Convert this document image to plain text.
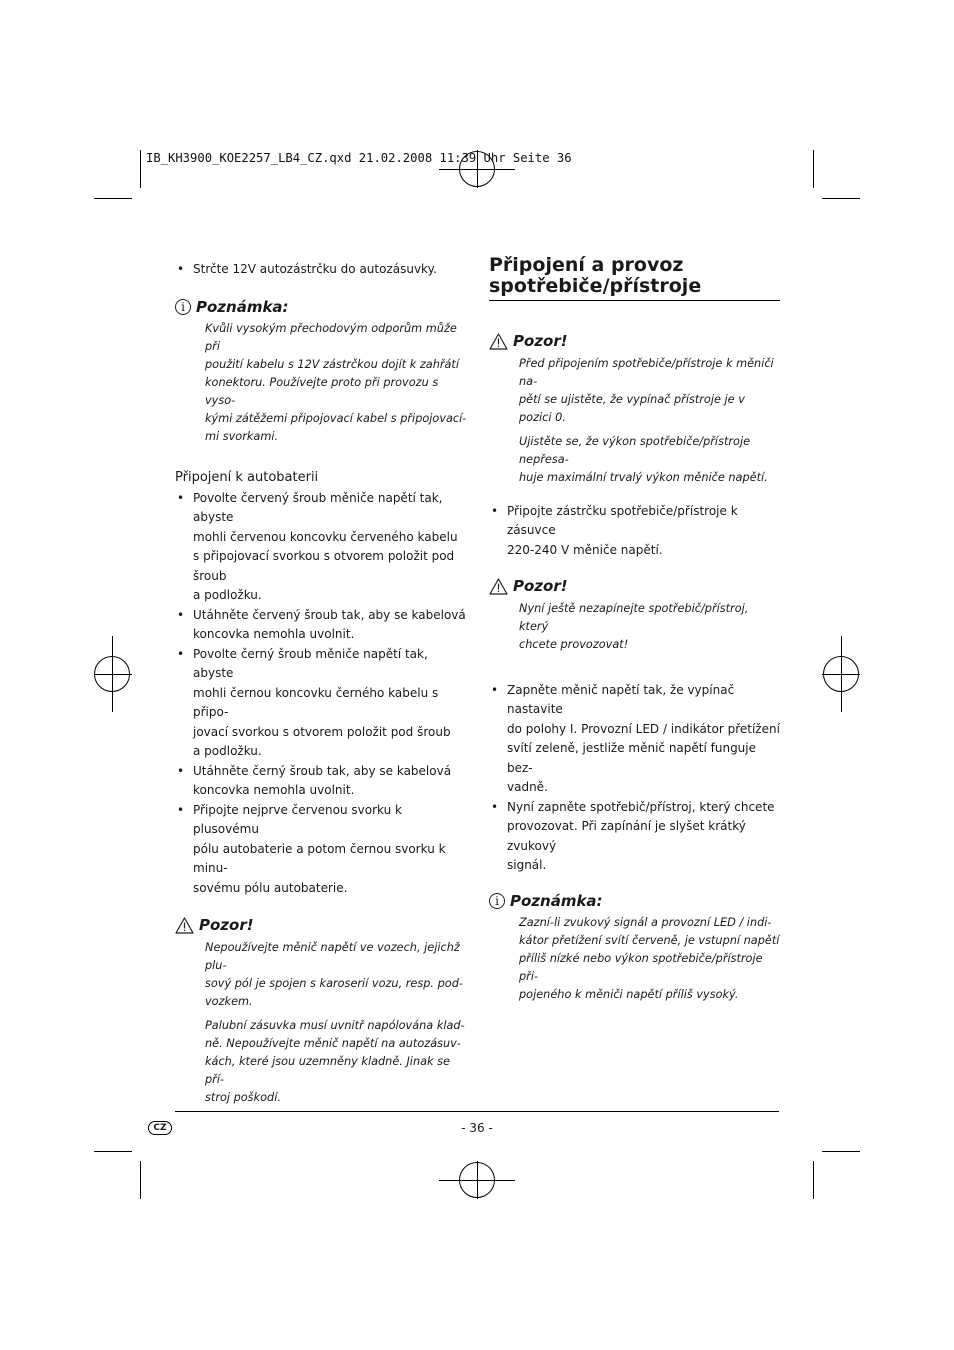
IB_KH3900_KOE2257_LB4_CZ.qxd 21.02.2008 11:39 Uhr Seite 36
• Strčte 12V autozástrčku do autozásuvky.
i Poznámka:
Kvůli vysokým přechodovým odporům může při
použití kabelu s 12V zástrčkou dojít k zahřátí
konektoru. Používejte proto při provozu s vyso-
kými zátěžemi připojovací kabel s připojovací-
mi svorkami.
Připojení k autobaterii
• Povolte červený šroub měniče napětí tak, abyste
mohli červenou koncovku červeného kabelu
s připojovací svorkou s otvorem položit pod šroub
a podložku.
• Utáhněte červený šroub tak, aby se kabelová
koncovka nemohla uvolnit.
• Povolte černý šroub měniče napětí tak, abyste
mohli černou koncovku černého kabelu s připo-
jovací svorkou s otvorem položit pod šroub
a podložku.
• Utáhněte černý šroub tak, aby se kabelová
koncovka nemohla uvolnit.
• Připojte nejprve červenou svorku k plusovému
pólu autobaterie a potom černou svorku k minu-
sovému pólu autobaterie.
Pozor!

Nepoužívejte měnič napětí ve vozech, jejichž plu-
sový pól je spojen s karoserií vozu, resp. pod-
vozkem.

Palubní zásuvka musí uvnitř napólována klad-
ně. Nepoužívejte měnič napětí na autozásuv-
kách, které jsou uzemněny kladně. Jinak se pří-
stroj poškodí.

Připojení a provoz
spotřebiče/přístroje
Pozor!

Před připojením spotřebiče/přístroje k měniči na-
pětí se ujistěte, že vypínač přístroje je v pozici 0.

Ujistěte se, že výkon spotřebiče/přístroje nepřesa-
huje maximální trvalý výkon měniče napětí.

• Připojte zástrčku spotřebiče/přístroje k zásuvce
220-240 V měniče napětí.
Pozor!
Nyní ještě nezapínejte spotřebič/přístroj, který
chcete provozovat!
• Zapněte měnič napětí tak, že vypínač nastavite
do polohy I. Provozní LED / indikátor přetížení
svítí zeleně, jestliže měnič napětí funguje bez-
vadně.
• Nyní zapněte spotřebič/přístroj, který chcete
provozovat. Při zapínání je slyšet krátký zvukový
signál.
i Poznámka:
Zazní-li zvukový signál a provozní LED / indi-
kátor přetížení svítí červeně, je vstupní napětí
příliš nízké nebo výkon spotřebiče/přístroje při-
pojeného k měniči napětí příliš vysoký.
CZ	- 36 -
